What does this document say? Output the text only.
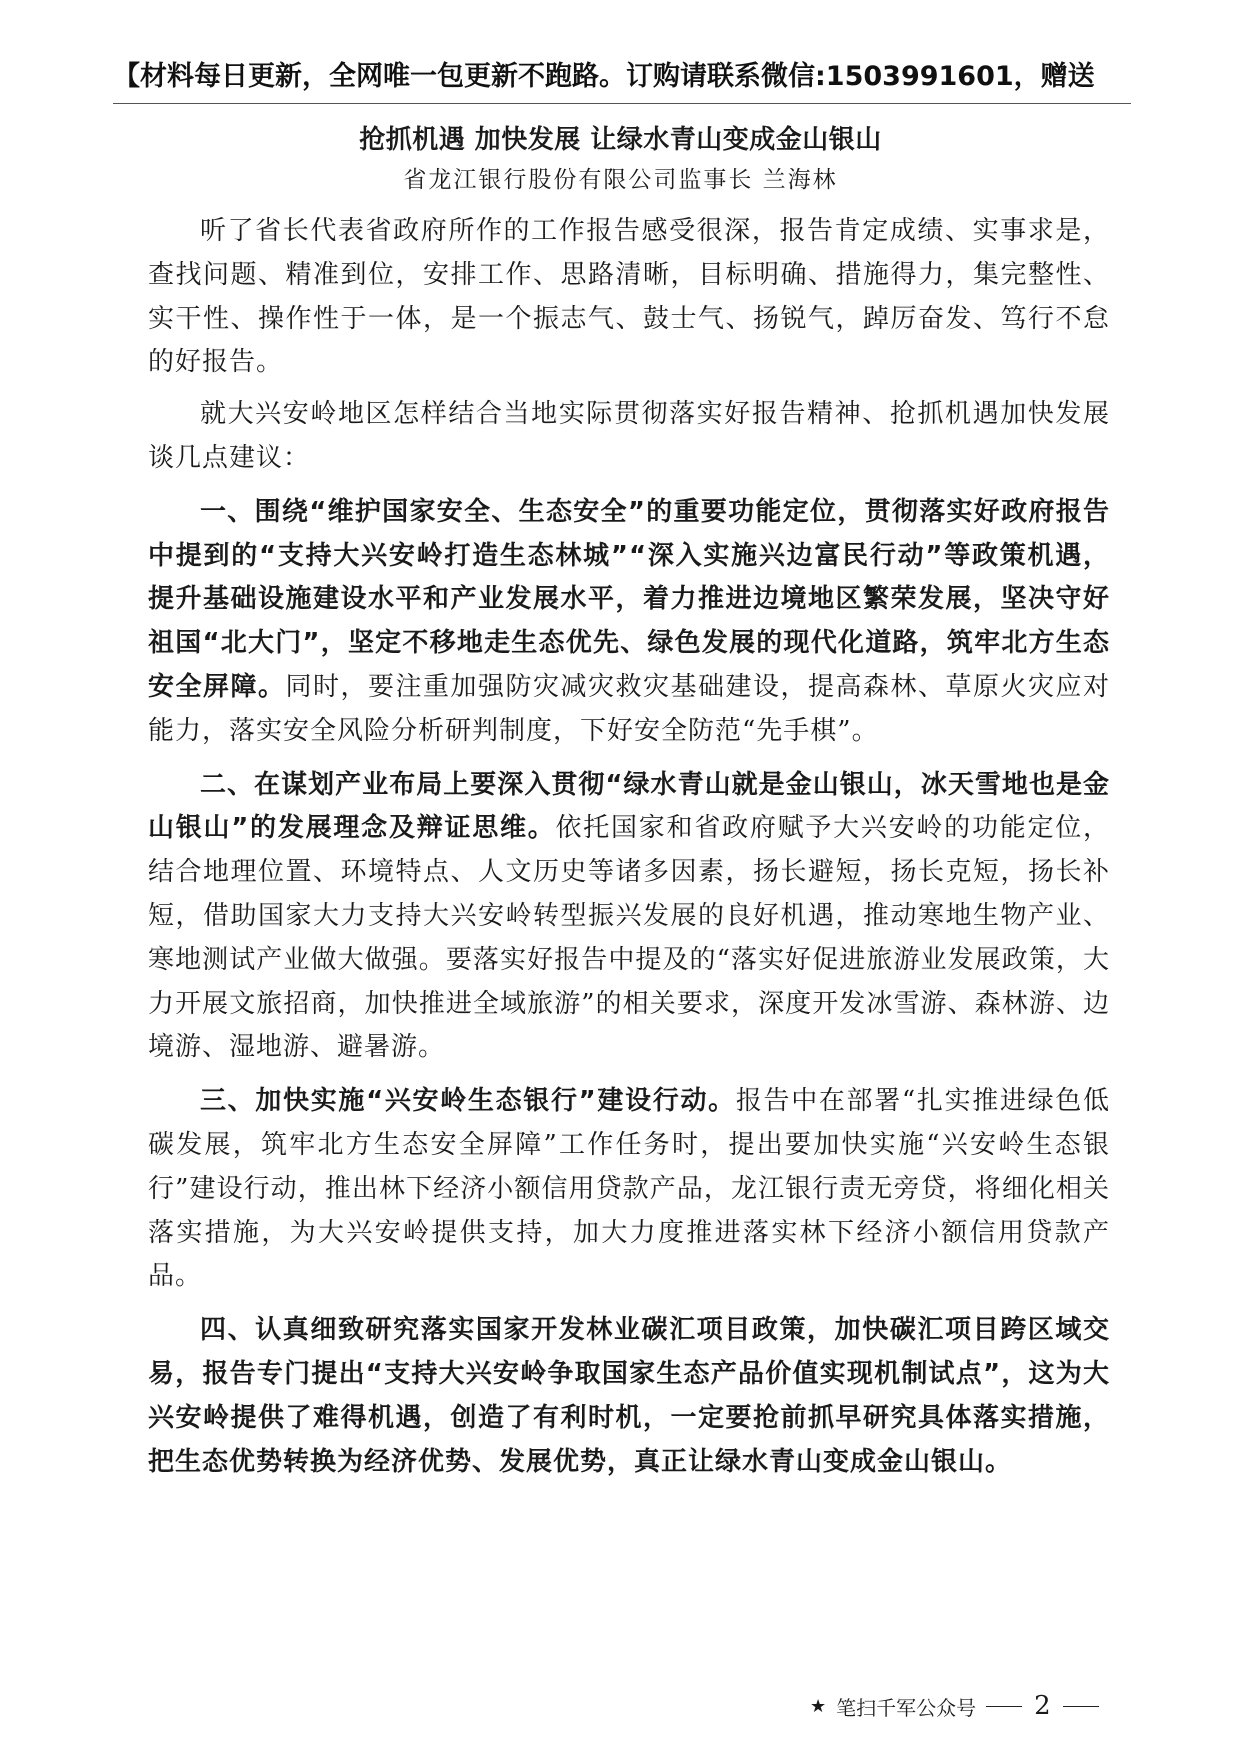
【材料每日更新，全网唯一包更新不跑路。订购请联系微信:1503991601，赠送
抢抓机遇 加快发展 让绿水青山变成金山银山
省龙江银行股份有限公司监事长 兰海林

听了省长代表省政府所作的工作报告感受很深，报告肯定成绩、实事求是，查找问题、精准到位，安排工作、思路清晰，目标明确、措施得力，集完整性、实干性、操作性于一体，是一个振志气、鼓士气、扬锐气，踔厉奋发、笃行不怠的好报告。

就大兴安岭地区怎样结合当地实际贯彻落实好报告精神、抢抓机遇加快发展谈几点建议：

一、围绕“维护国家安全、生态安全”的重要功能定位，贯彻落实好政府报告中提到的“支持大兴安岭打造生态林城”“深入实施兴边富民行动”等政策机遇，提升基础设施建设水平和产业发展水平，着力推进边境地区繁荣发展，坚决守好祖国“北大门”，坚定不移地走生态优先、绿色发展的现代化道路，筑牢北方生态安全屏障。同时，要注重加强防灾减灾救灾基础建设，提高森林、草原火灾应对能力，落实安全风险分析研判制度，下好安全防范“先手棋”。

二、在谋划产业布局上要深入贯彻“绿水青山就是金山银山，冰天雪地也是金山银山”的发展理念及辩证思维。依托国家和省政府赋予大兴安岭的功能定位，结合地理位置、环境特点、人文历史等诸多因素，扬长避短，扬长克短，扬长补短，借助国家大力支持大兴安岭转型振兴发展的良好机遇，推动寒地生物产业、寒地测试产业做大做强。要落实好报告中提及的“落实好促进旅游业发展政策，大力开展文旅招商，加快推进全域旅游”的相关要求，深度开发冰雪游、森林游、边境游、湿地游、避暑游。

三、加快实施“兴安岭生态银行”建设行动。报告中在部署“扎实推进绿色低碳发展，筑牢北方生态安全屏障”工作任务时，提出要加快实施“兴安岭生态银行”建设行动，推出林下经济小额信用贷款产品，龙江银行责无旁贷，将细化相关落实措施，为大兴安岭提供支持，加大力度推进落实林下经济小额信用贷款产品。

四、认真细致研究落实国家开发林业碳汇项目政策，加快碳汇项目跨区域交易，报告专门提出“支持大兴安岭争取国家生态产品价值实现机制试点”，这为大兴安岭提供了难得机遇，创造了有利时机，一定要抢前抓早研究具体落实措施，把生态优势转换为经济优势、发展优势，真正让绿水青山变成金山银山。

★ 笔扫千军公众号 2
